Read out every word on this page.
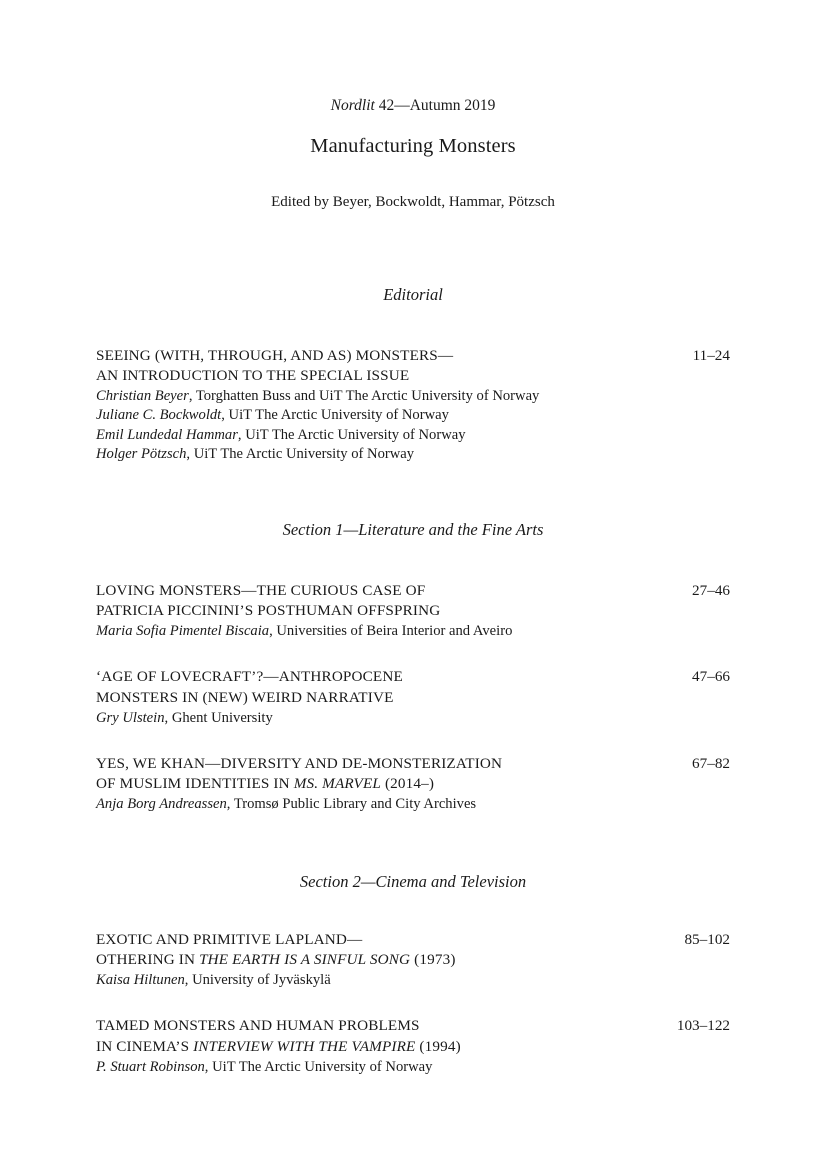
Nordlit 42—Autumn 2019
Manufacturing Monsters
Edited by Beyer, Bockwoldt, Hammar, Pötzsch
Editorial
11–24
SEEING (WITH, THROUGH, AND AS) MONSTERS—
AN INTRODUCTION TO THE SPECIAL ISSUE
Christian Beyer, Torghatten Buss and UiT The Arctic University of Norway
Juliane C. Bockwoldt, UiT The Arctic University of Norway
Emil Lundedal Hammar, UiT The Arctic University of Norway
Holger Pötzsch, UiT The Arctic University of Norway
Section 1—Literature and the Fine Arts
27–46
LOVING MONSTERS—THE CURIOUS CASE OF
PATRICIA PICCININI’S POSTHUMAN OFFSPRING
Maria Sofia Pimentel Biscaia, Universities of Beira Interior and Aveiro
47–66
‘AGE OF LOVECRAFT’?—ANTHROPOCENE
MONSTERS IN (NEW) WEIRD NARRATIVE
Gry Ulstein, Ghent University
67–82
YES, WE KHAN—DIVERSITY AND DE-MONSTERIZATION
OF MUSLIM IDENTITIES IN MS. MARVEL (2014–)
Anja Borg Andreassen, Tromsø Public Library and City Archives
Section 2—Cinema and Television
85–102
EXOTIC AND PRIMITIVE LAPLAND—
OTHERING IN THE EARTH IS A SINFUL SONG (1973)
Kaisa Hiltunen, University of Jyväskylä
103–122
TAMED MONSTERS AND HUMAN PROBLEMS
IN CINEMA’S INTERVIEW WITH THE VAMPIRE (1994)
P. Stuart Robinson, UiT The Arctic University of Norway
